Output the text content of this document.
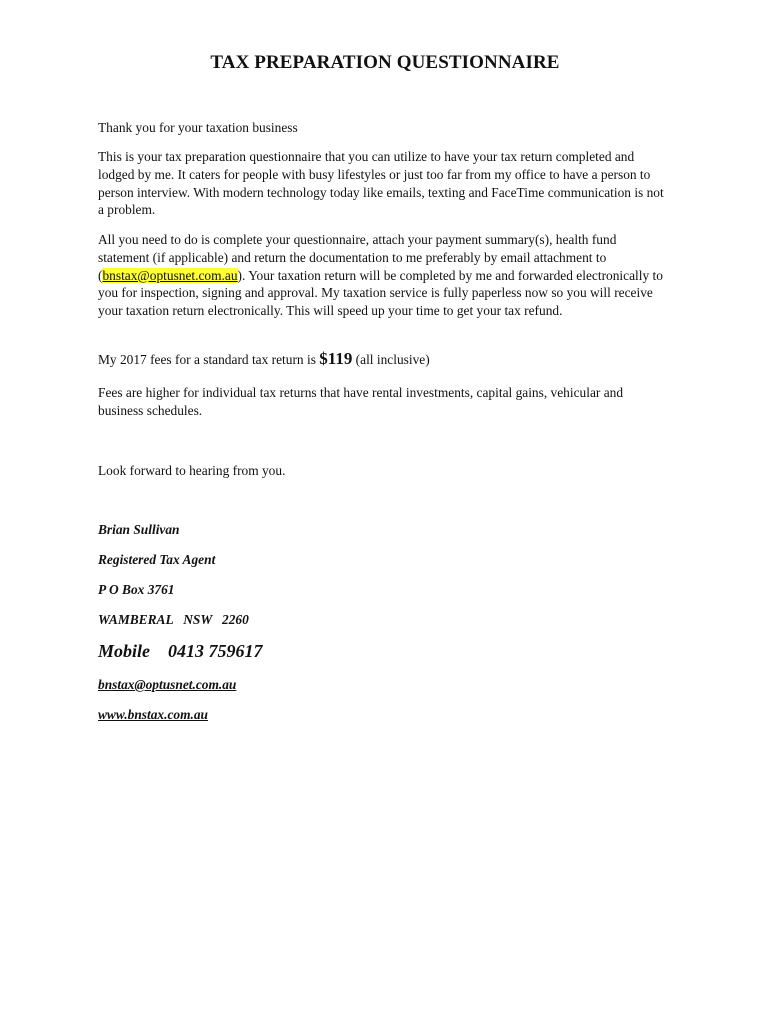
TAX PREPARATION QUESTIONNAIRE

Thank you for your taxation business

This is your tax preparation questionnaire that you can utilize to have your tax return completed and lodged by me. It caters for people with busy lifestyles or just too far from my office to have a person to person interview. With modern technology today like emails, texting and FaceTime communication is not a problem.

All you need to do is complete your questionnaire, attach your payment summary(s), health fund statement (if applicable) and return the documentation to me preferably by email attachment to (bnstax@optusnet.com.au). Your taxation return will be completed by me and forwarded electronically to you for inspection, signing and approval. My taxation service is fully paperless now so you will receive your taxation return electronically. This will speed up your time to get your tax refund.

My 2017 fees for a standard tax return is $119 (all inclusive)

Fees are higher for individual tax returns that have rental investments, capital gains, vehicular and business schedules.

Look forward to hearing from you.

Brian Sullivan

Registered Tax Agent

P O Box 3761

WAMBERAL   NSW   2260

Mobile    0413 759617

bnstax@optusnet.com.au

www.bnstax.com.au
